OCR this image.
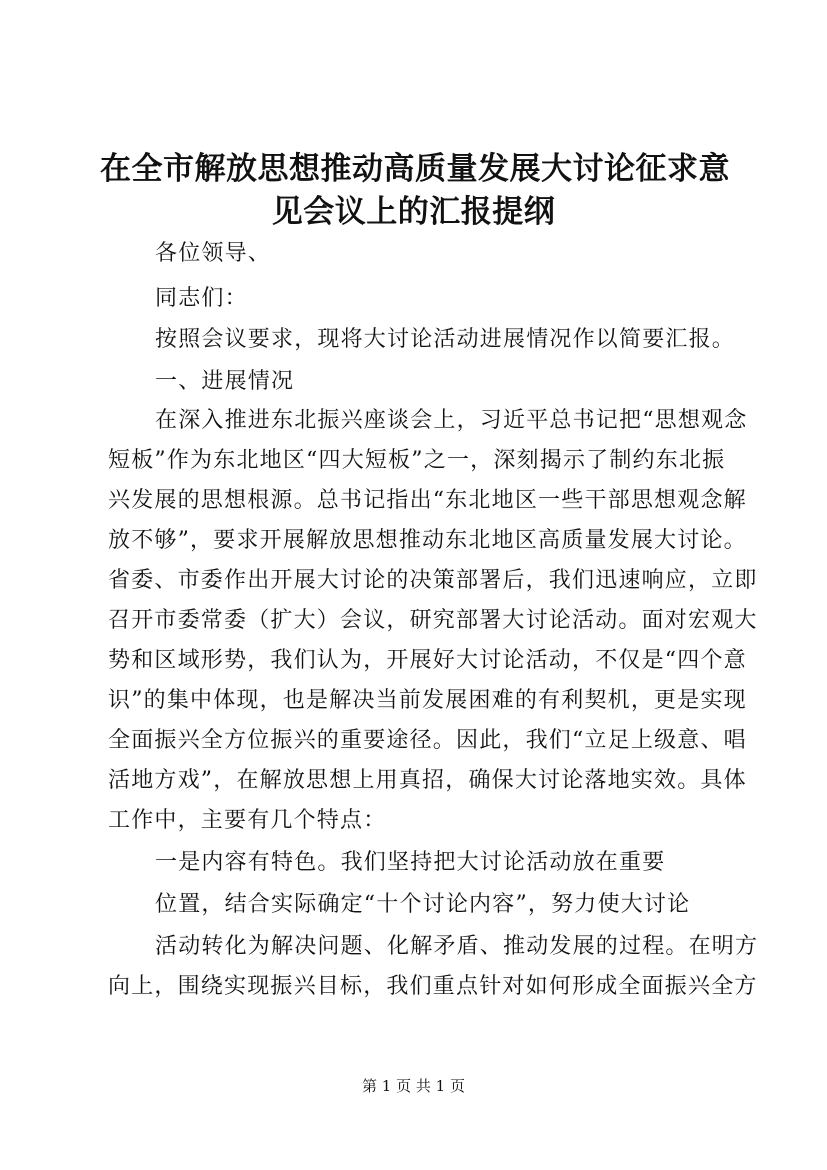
在全市解放思想推动高质量发展大讨论征求意
见会议上的汇报提纲
各位领导、
同志们：
按照会议要求，现将大讨论活动进展情况作以简要汇报。
一、进展情况
在深入推进东北振兴座谈会上，习近平总书记把“思想观念
短板”作为东北地区“四大短板”之一，深刻揭示了制约东北振
兴发展的思想根源。总书记指出“东北地区一些干部思想观念解
放不够”，要求开展解放思想推动东北地区高质量发展大讨论。
省委、市委作出开展大讨论的决策部署后，我们迅速响应，立即
召开市委常委（扩大）会议，研究部署大讨论活动。面对宏观大
势和区域形势，我们认为，开展好大讨论活动，不仅是“四个意
识”的集中体现，也是解决当前发展困难的有利契机，更是实现
全面振兴全方位振兴的重要途径。因此，我们“立足上级意、唱
活地方戏”，在解放思想上用真招，确保大讨论落地实效。具体
工作中，主要有几个特点：
一是内容有特色。我们坚持把大讨论活动放在重要
位置，结合实际确定“十个讨论内容”，努力使大讨论
活动转化为解决问题、化解矛盾、推动发展的过程。在明方
向上，围绕实现振兴目标，我们重点针对如何形成全面振兴全方
第 1 页 共 1 页
